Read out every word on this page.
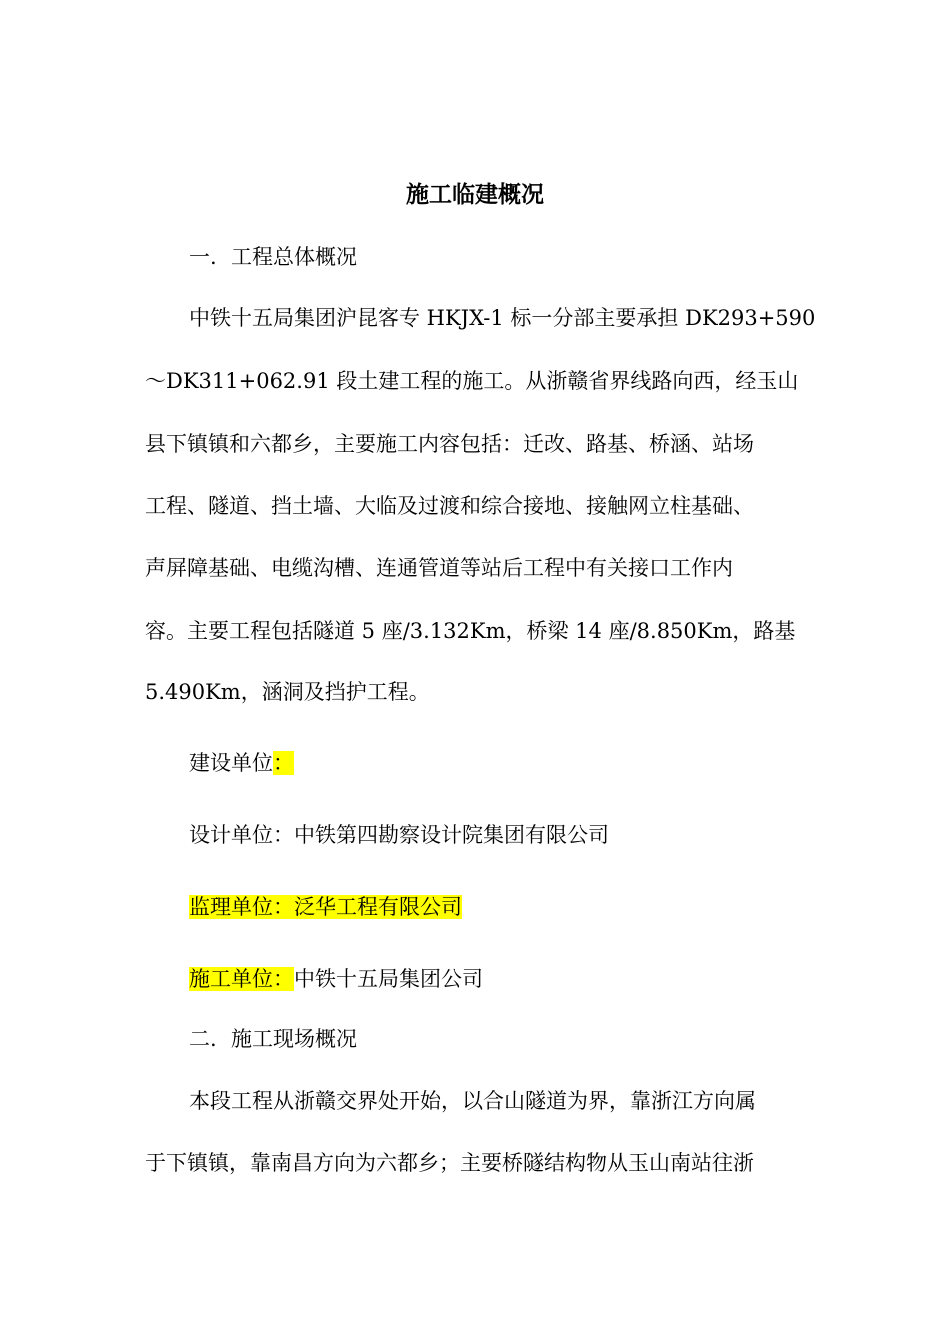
施工临建概况
一. 工程总体概况
中铁十五局集团沪昆客专 HKJX-1 标一分部主要承担 DK293+590
～DK311+062.91 段土建工程的施工。从浙赣省界线路向西，经玉山
县下镇镇和六都乡，主要施工内容包括：迁改、路基、桥涵、站场
工程、隧道、挡土墙、大临及过渡和综合接地、接触网立柱基础、
声屏障基础、电缆沟槽、连通管道等站后工程中有关接口工作内
容。主要工程包括隧道 5 座/3.132Km，桥梁 14 座/8.850Km，路基
5.490Km，涵洞及挡护工程。
建设单位：
设计单位：中铁第四勘察设计院集团有限公司
监理单位：泛华工程有限公司
施工单位：中铁十五局集团公司
二. 施工现场概况
本段工程从浙赣交界处开始，以合山隧道为界，靠浙江方向属
于下镇镇，靠南昌方向为六都乡；主要桥隧结构物从玉山南站往浙
